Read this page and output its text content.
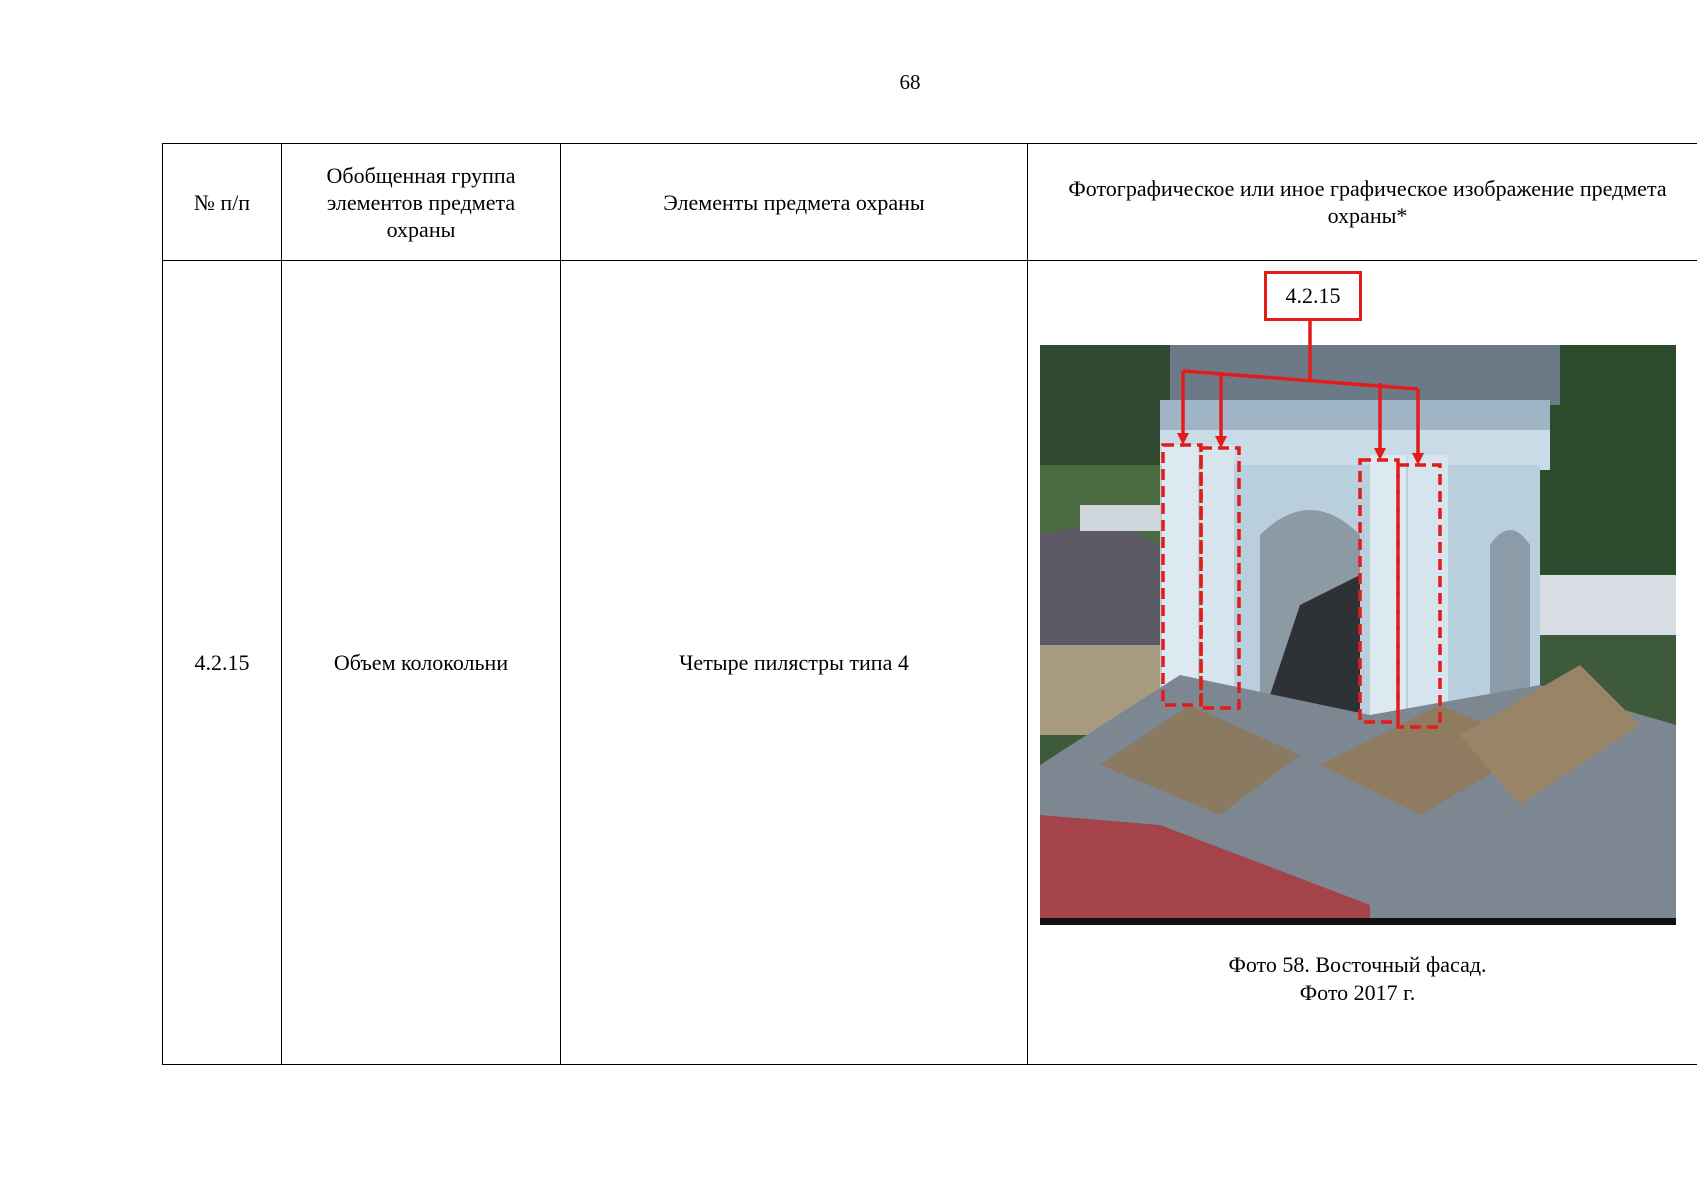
68
№ п/п	Обобщенная группа элементов предмета охраны	Элементы предмета охраны	Фотографическое или иное графическое изображение предмета охраны*
4.2.15	Объем колокольни	Четыре пилястры типа 4	4.2.15
Фото 58. Восточный фасад.
Фото 2017 г.
